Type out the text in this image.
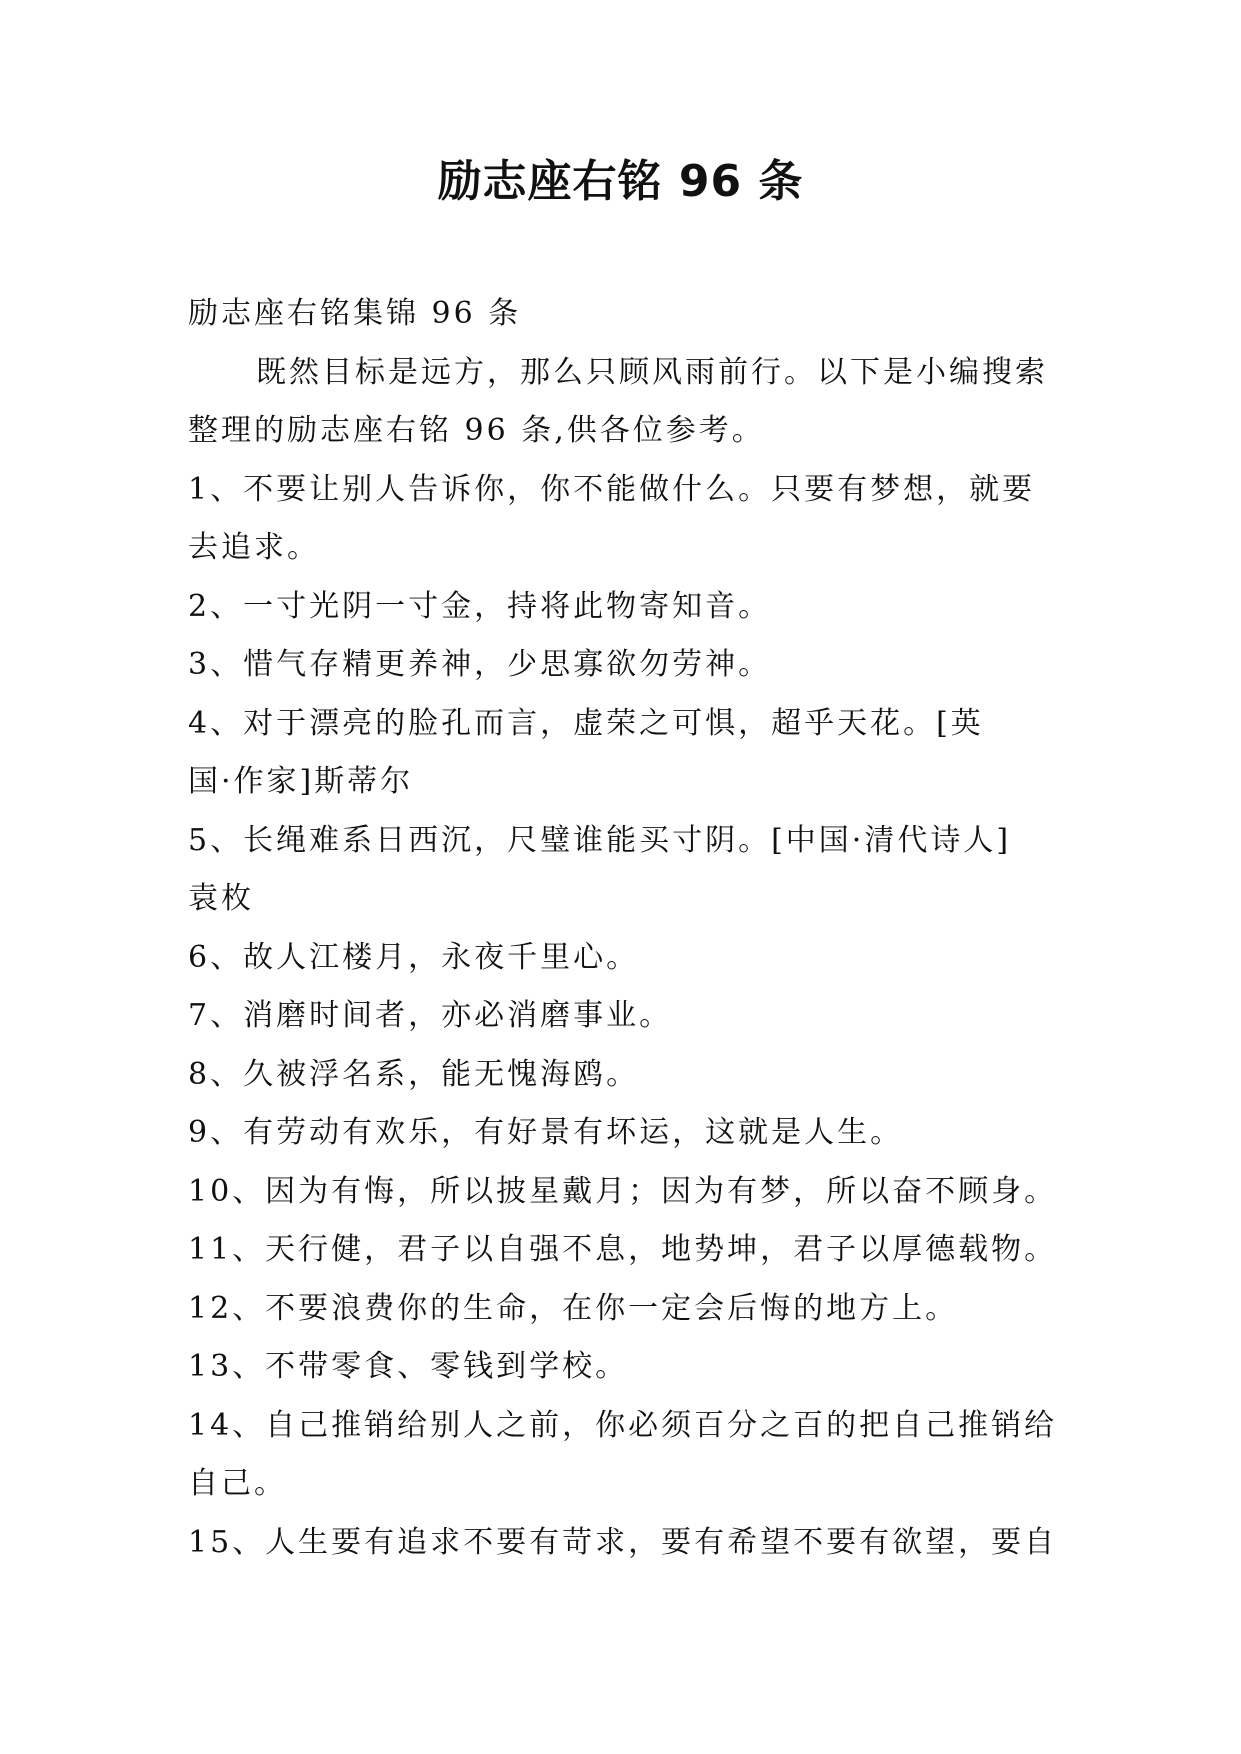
励志座右铭 96 条
励志座右铭集锦 96 条
既然目标是远方，那么只顾风雨前行。以下是小编搜索
整理的励志座右铭 96 条,供各位参考。
1、不要让别人告诉你，你不能做什么。只要有梦想，就要
去追求。
2、一寸光阴一寸金，持将此物寄知音。
3、惜气存精更养神，少思寡欲勿劳神。
4、对于漂亮的脸孔而言，虚荣之可惧，超乎天花。[英
国·作家]斯蒂尔
5、长绳难系日西沉，尺璧谁能买寸阴。[中国·清代诗人]
袁枚
6、故人江楼月，永夜千里心。
7、消磨时间者，亦必消磨事业。
8、久被浮名系，能无愧海鸥。
9、有劳动有欢乐，有好景有坏运，这就是人生。
10、因为有悔，所以披星戴月；因为有梦，所以奋不顾身。
11、天行健，君子以自强不息，地势坤，君子以厚德载物。
12、不要浪费你的生命，在你一定会后悔的地方上。
13、不带零食、零钱到学校。
14、自己推销给别人之前，你必须百分之百的把自己推销给
自己。
15、人生要有追求不要有苛求，要有希望不要有欲望，要自
